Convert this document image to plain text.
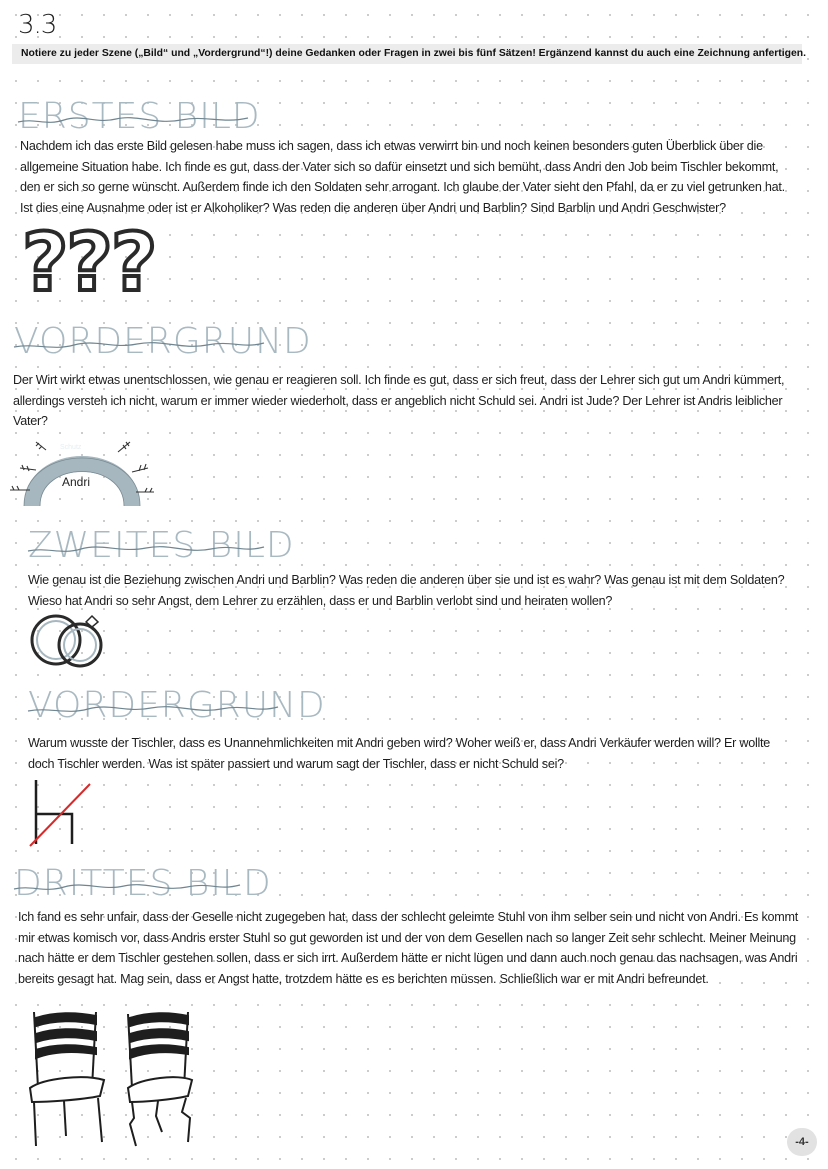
3.3
Notiere zu jeder Szene („Bild“ und „Vordergrund“!) deine Gedanken oder Fragen in zwei bis fünf Sätzen! Ergänzend kannst du auch eine Zeichnung anfertigen.
ERSTES BILD
Nachdem ich das erste Bild gelesen habe muss ich sagen, dass ich etwas verwirrt bin und noch keinen besonders guten Überblick über die allgemeine Situation habe. Ich finde es gut, dass der Vater sich so dafür einsetzt und sich bemüht, dass Andri den Job beim Tischler bekommt, den er sich so gerne wünscht. Außerdem finde ich den Soldaten sehr arrogant. Ich glaube der Vater sieht den Pfahl, da er zu viel getrunken hat. Ist dies eine Ausnahme oder ist er Alkoholiker? Was reden die anderen über Andri und Barblin? Sind Barblin und Andri Geschwister?
???
VORDERGRUND
Der Wirt wirkt etwas unentschlossen, wie genau er reagieren soll. Ich finde es gut, dass er sich freut, dass der Lehrer sich gut um Andri kümmert, allerdings versteh ich nicht, warum er immer wieder wiederholt, dass er angeblich nicht Schuld sei. Andri ist Jude? Der Lehrer ist Andris leiblicher Vater?
Schutz
Andri
ZWEITES BILD
Wie genau ist die Beziehung zwischen Andri und Barblin? Was reden die anderen über sie und ist es wahr? Was genau ist mit dem Soldaten? Wieso hat Andri so sehr Angst, dem Lehrer zu erzählen, dass er und Barblin verlobt sind und heiraten wollen?
VORDERGRUND
Warum wusste der Tischler, dass es Unannehmlichkeiten mit Andri geben wird? Woher weiß er, dass Andri Verkäufer werden will? Er wollte doch Tischler werden. Was ist später passiert und warum sagt der Tischler, dass er nicht Schuld sei?
DRITTES BILD
Ich fand es sehr unfair, dass der Geselle nicht zugegeben hat, dass der schlecht geleimte Stuhl von ihm selber sein und nicht von Andri. Es kommt mir etwas komisch vor, dass Andris erster Stuhl so gut geworden ist und der von dem Gesellen nach so langer Zeit sehr schlecht. Meiner Meinung nach hätte er dem Tischler gestehen sollen, dass er sich irrt. Außerdem hätte er nicht lügen und dann auch noch genau das nachsagen, was Andri bereits gesagt hat. Mag sein, dass er Angst hatte, trotzdem hätte es es berichten müssen. Schließlich war er mit Andri befreundet.
-4-
